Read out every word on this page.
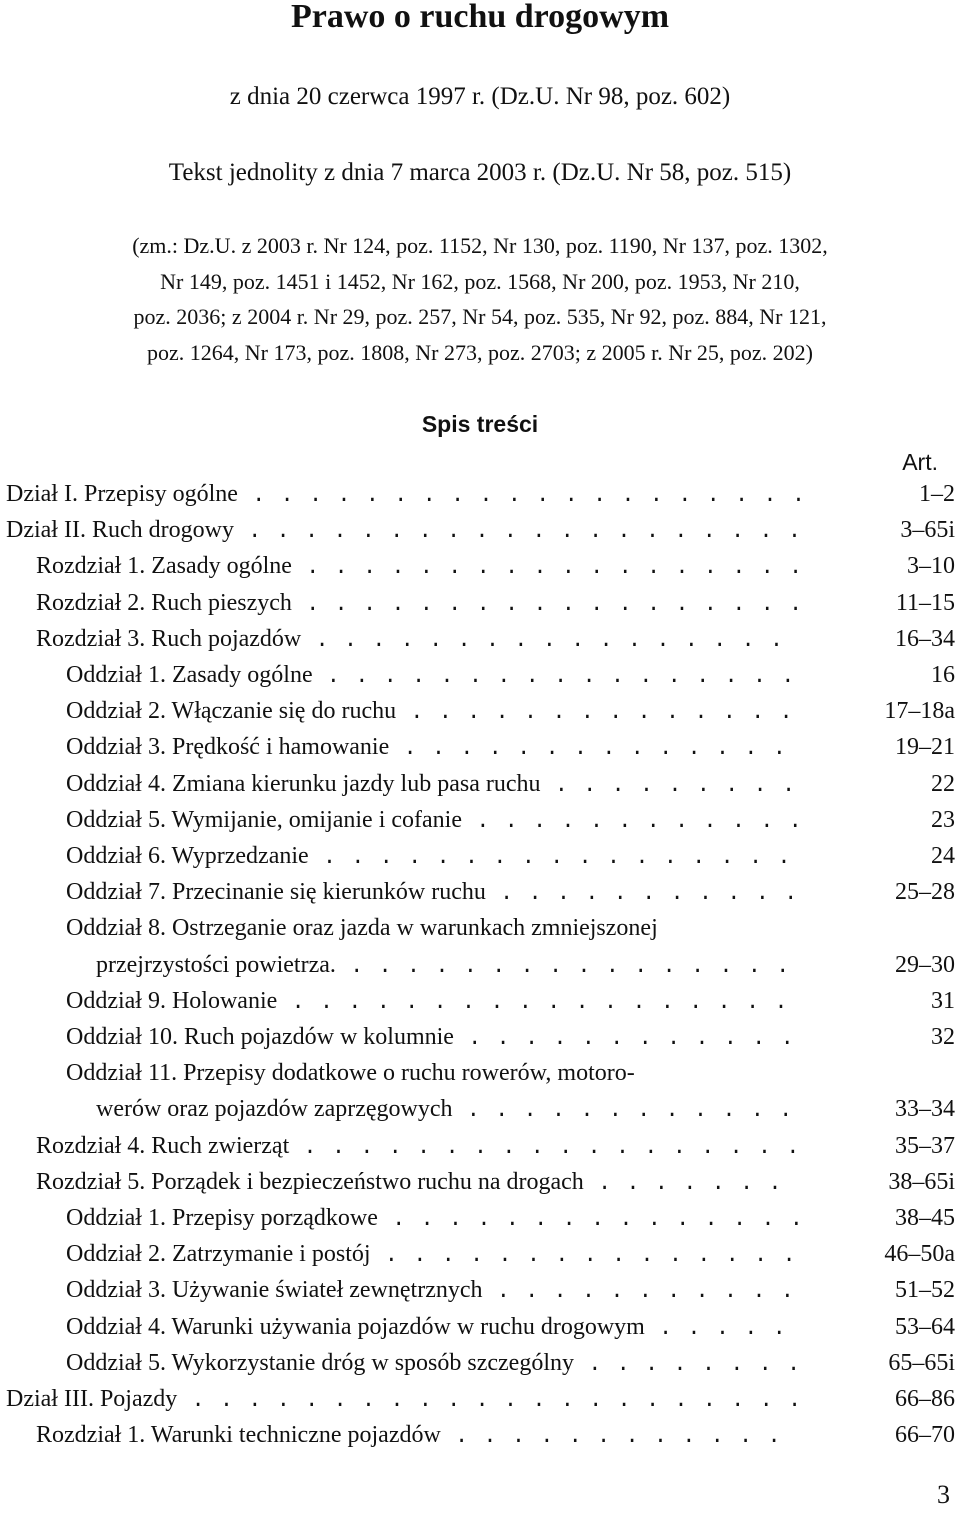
Prawo o ruchu drogowym

z dnia 20 czerwca 1997 r. (Dz.U. Nr 98, poz. 602)

Tekst jednolity z dnia 7 marca 2003 r. (Dz.U. Nr 58, poz. 515)

(zm.: Dz.U. z 2003 r. Nr 124, poz. 1152, Nr 130, poz. 1190, Nr 137, poz. 1302,
Nr 149, poz. 1451 i 1452, Nr 162, poz. 1568, Nr 200, poz. 1953, Nr 210,
poz. 2036; z 2004 r. Nr 29, poz. 257, Nr 54, poz. 535, Nr 92, poz. 884, Nr 121,
poz. 1264, Nr 173, poz. 1808, Nr 273, poz. 2703; z 2005 r. Nr 25, poz. 202)
Spis treści
Art.
Dział I. Przepisy ogólne . . .	1–2
Dział II. Ruch drogowy . . .	3–65i
Rozdział 1. Zasady ogólne . . .	3–10
Rozdział 2. Ruch pieszych . . .	11–15
Rozdział 3. Ruch pojazdów . . .	16–34
Oddział 1. Zasady ogólne . . .	16
Oddział 2. Włączanie się do ruchu . . .	17–18a
Oddział 3. Prędkość i hamowanie . . .	19–21
Oddział 4. Zmiana kierunku jazdy lub pasa ruchu . . .	22
Oddział 5. Wymijanie, omijanie i cofanie . . .	23
Oddział 6. Wyprzedzanie . . .	24
Oddział 7. Przecinanie się kierunków ruchu . . .	25–28
Oddział 8. Ostrzeganie oraz jazda w warunkach zmniejszonej
przejrzystości powietrza. . . .	29–30
Oddział 9. Holowanie . . .	31
Oddział 10. Ruch pojazdów w kolumnie . . .	32
Oddział 11. Przepisy dodatkowe o ruchu rowerów, motoro-
werów oraz pojazdów zaprzęgowych . . .	33–34
Rozdział 4. Ruch zwierząt . . .	35–37
Rozdział 5. Porządek i bezpieczeństwo ruchu na drogach . . .	38–65i
Oddział 1. Przepisy porządkowe . . .	38–45
Oddział 2. Zatrzymanie i postój . . .	46–50a
Oddział 3. Używanie świateł zewnętrznych . . .	51–52
Oddział 4. Warunki używania pojazdów w ruchu drogowym . . .	53–64
Oddział 5. Wykorzystanie dróg w sposób szczególny . . .	65–65i
Dział III. Pojazdy . . .	66–86
Rozdział 1. Warunki techniczne pojazdów . . .	66–70
3
